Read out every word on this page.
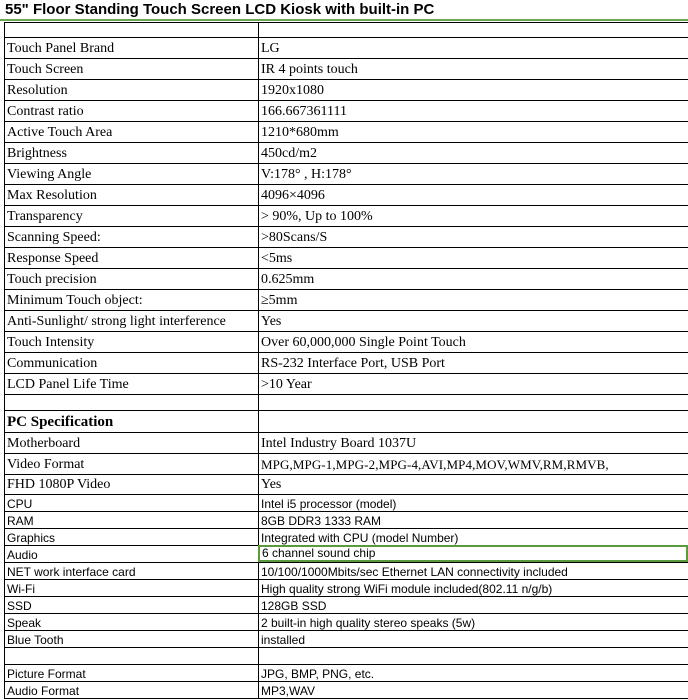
55" Floor Standing Touch Screen LCD Kiosk with built-in PC
Touch Panel Brand	LG
Touch Screen	IR 4 points touch
Resolution	1920x1080
Contrast ratio	166.667361111
Active Touch Area	1210*680mm
Brightness	450cd/m2
Viewing Angle	V:178° , H:178°
Max Resolution	4096×4096
Transparency	> 90%, Up to 100%
Scanning Speed:	>80Scans/S
Response Speed	<5ms
Touch precision	0.625mm
Minimum Touch object:	≥5mm
Anti-Sunlight/ strong light interference	Yes
Touch Intensity	Over 60,000,000 Single Point Touch
Communication	RS-232 Interface Port, USB Port
LCD Panel Life Time	>10 Year
PC Specification
Motherboard	Intel Industry Board 1037U
Video Format	MPG,MPG-1,MPG-2,MPG-4,AVI,MP4,MOV,WMV,RM,RMVB,
FHD 1080P Video	Yes
CPU	Intel i5 processor (model)
RAM	8GB DDR3 1333 RAM
Graphics	Integrated with CPU (model Number)
Audio	6 channel sound chip
NET work interface card	10/100/1000Mbits/sec Ethernet LAN connectivity included
Wi-Fi	High quality strong WiFi module included(802.11 n/g/b)
SSD	128GB SSD
Speak	2 built-in high quality stereo speaks (5w)
Blue Tooth	installed
Picture Format	JPG, BMP, PNG, etc.
Audio Format	MP3,WAV
